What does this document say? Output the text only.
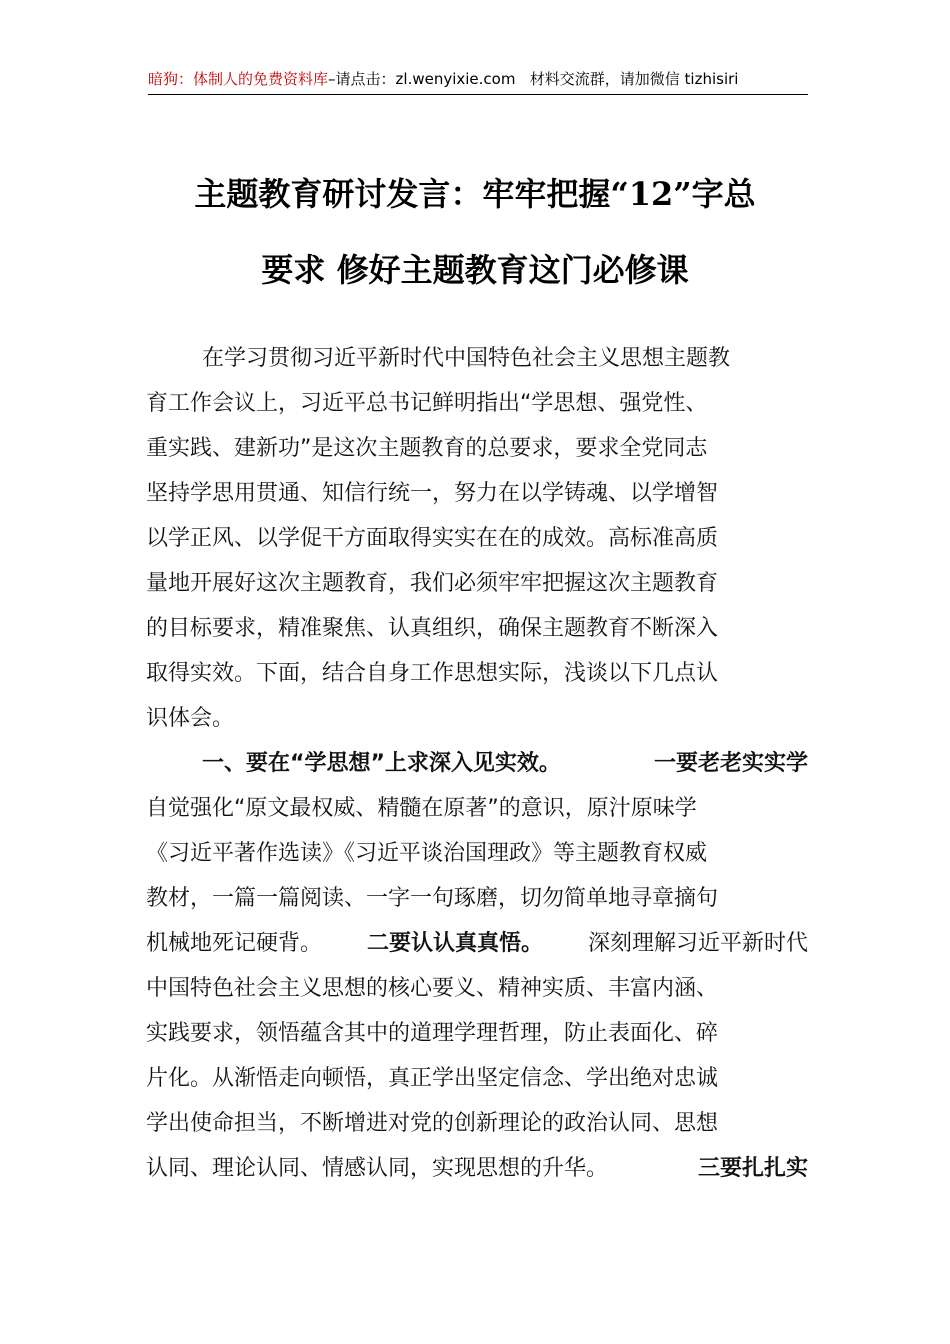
暗狗：体制人的免费资料库–请点击：zl.wenyixie.com 材料交流群，请加微信 tizhisiri
主题教育研讨发言：牢牢把握“12”字总
要求 修好主题教育这门必修课
在学习贯彻习近平新时代中国特色社会主义思想主题教
育工作会议上，习近平总书记鲜明指出“学思想、强党性、
重实践、建新功”是这次主题教育的总要求，要求全党同志
坚持学思用贯通、知信行统一，努力在以学铸魂、以学增智
以学正风、以学促干方面取得实实在在的成效。高标准高质
量地开展好这次主题教育，我们必须牢牢把握这次主题教育
的目标要求，精准聚焦、认真组织，确保主题教育不断深入
取得实效。下面，结合自身工作思想实际，浅谈以下几点认
识体会。
一、要在“学思想”上求深入见实效。	一要老老实实学
自觉强化“原文最权威、精髓在原著”的意识，原汁原味学
《习近平著作选读》《习近平谈治国理政》等主题教育权威
教材，一篇一篇阅读、一字一句琢磨，切勿简单地寻章摘句
机械地死记硬背。 二要认认真真悟。 深刻理解习近平新时代
中国特色社会主义思想的核心要义、精神实质、丰富内涵、
实践要求，领悟蕴含其中的道理学理哲理，防止表面化、碎
片化。从渐悟走向顿悟，真正学出坚定信念、学出绝对忠诚
学出使命担当，不断增进对党的创新理论的政治认同、思想
认同、理论认同、情感认同，实现思想的升华。	三要扎扎实
